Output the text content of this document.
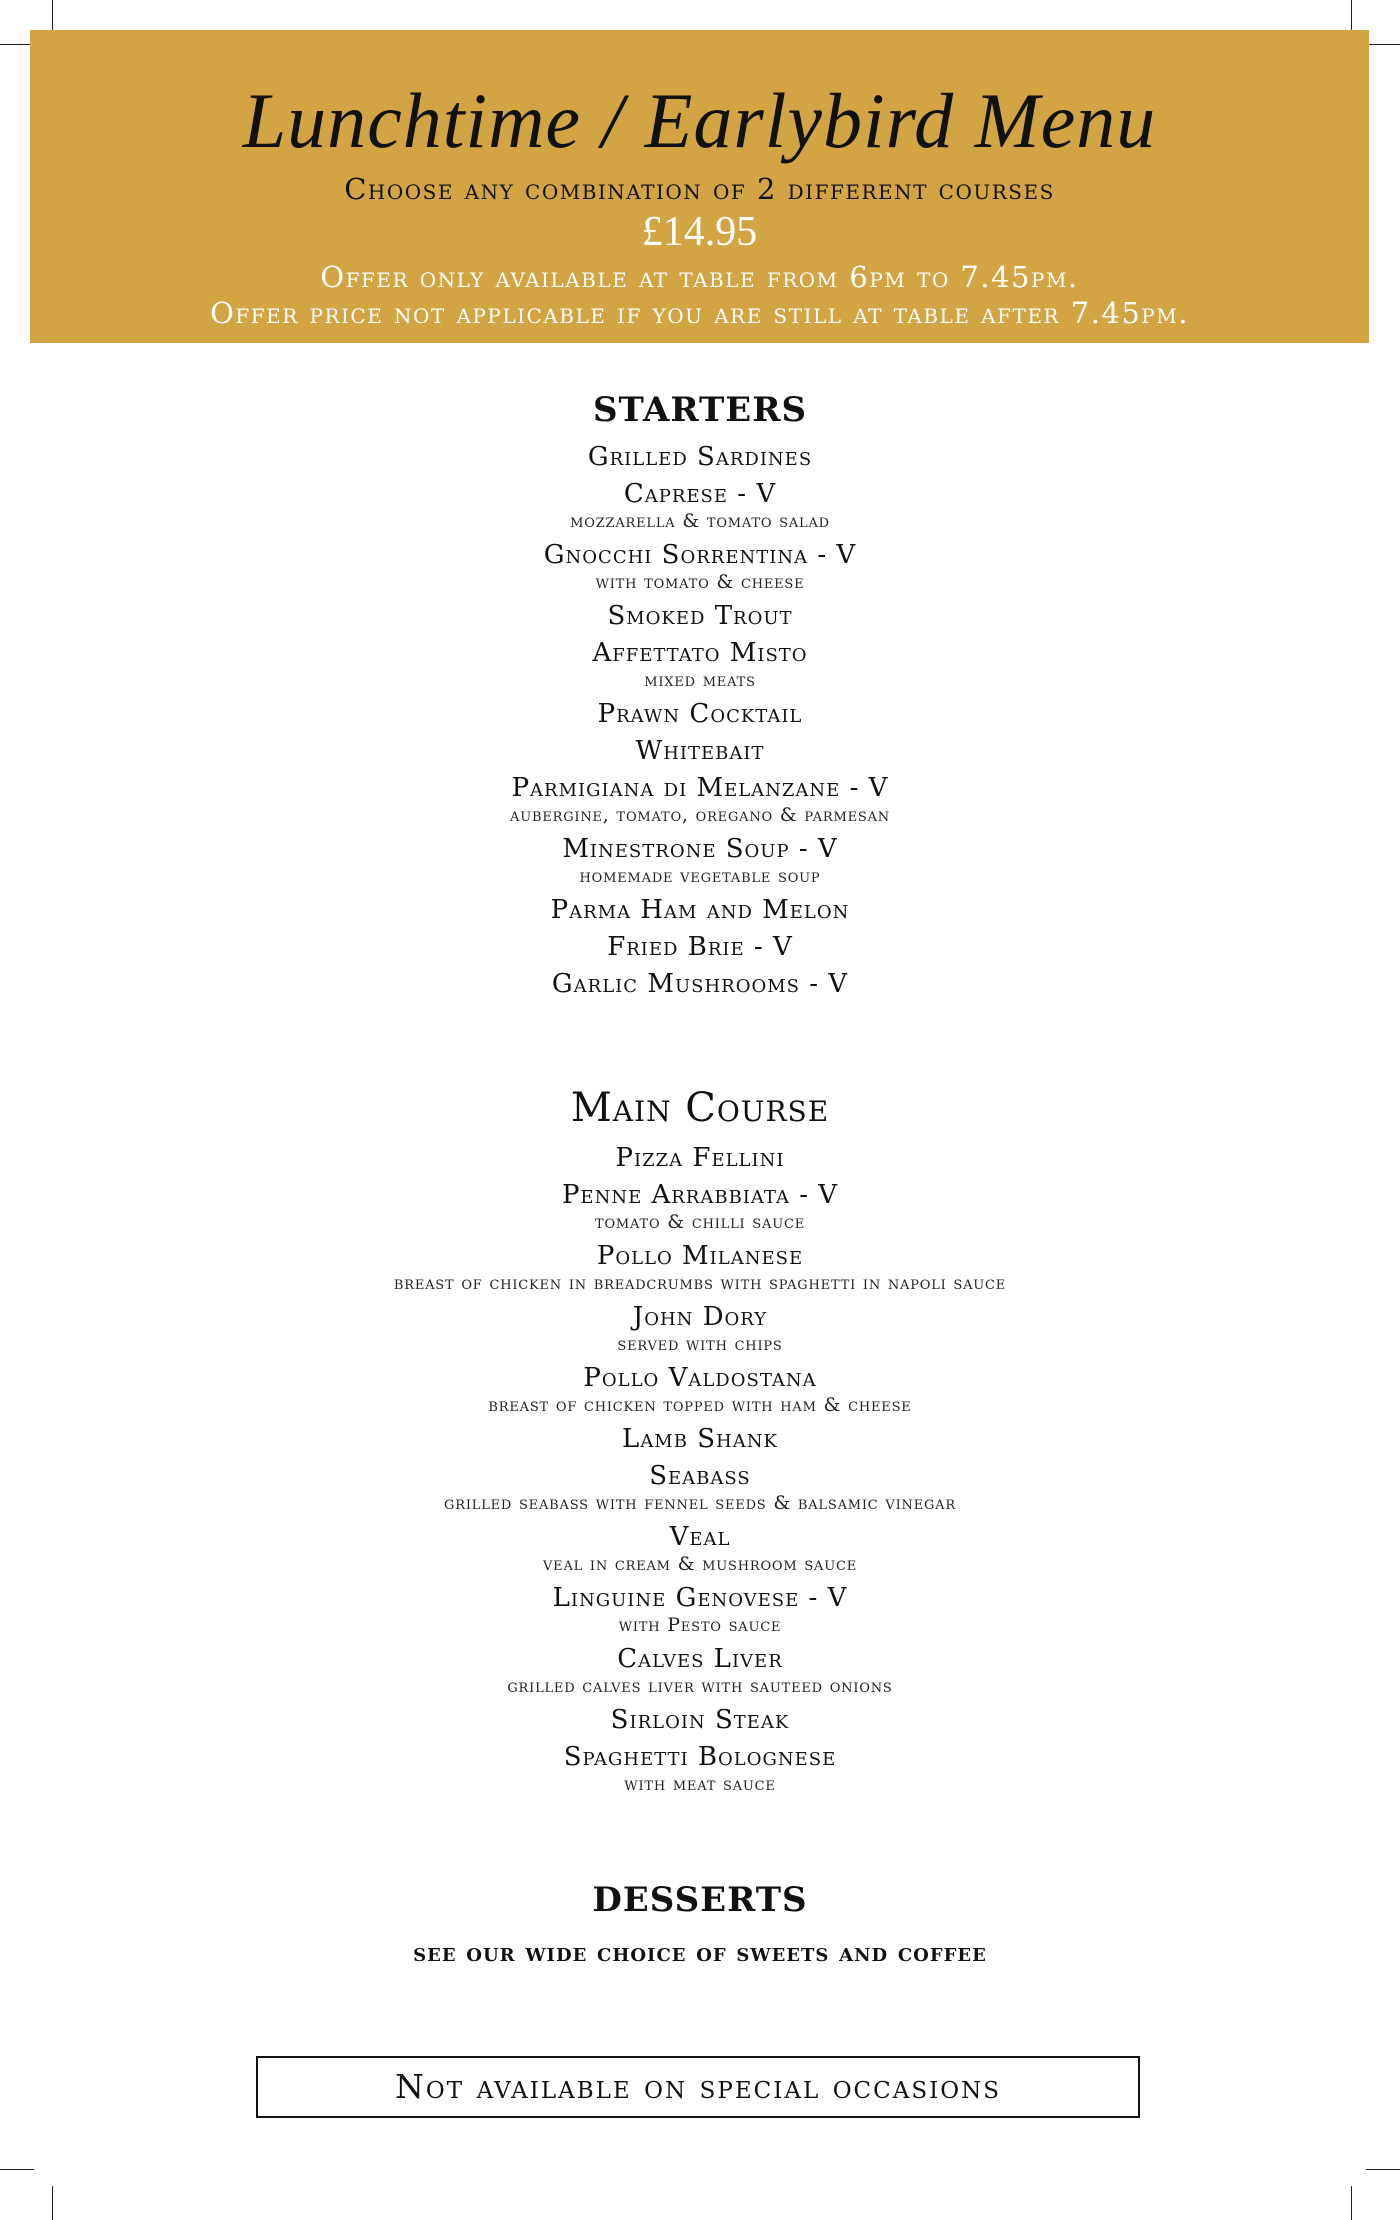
Lunchtime / Earlybird Menu
Choose any combination of 2 different courses
£14.95
Offer only available at table from 6pm to 7.45pm.
Offer price not applicable if you are still at table after 7.45pm.
STARTERS
Grilled Sardines
Caprese - V
mozzarella & tomato salad
Gnocchi Sorrentina - V
with tomato & cheese
Smoked Trout
Affettato Misto
mixed meats
Prawn Cocktail
Whitebait
Parmigiana di Melanzane - V
aubergine, tomato, oregano & parmesan
Minestrone Soup - V
homemade vegetable soup
Parma Ham and Melon
Fried Brie - V
Garlic Mushrooms - V
Main Course
Pizza Fellini
Penne Arrabbiata - V
tomato & chilli sauce
Pollo Milanese
breast of chicken in breadcrumbs with spaghetti in napoli sauce
John Dory
served with chips
Pollo Valdostana
breast of chicken topped with ham & cheese
Lamb Shank
Seabass
grilled seabass with fennel seeds & balsamic vinegar
Veal
veal in cream & mushroom sauce
Linguine Genovese - V
with Pesto sauce
Calves Liver
grilled calves liver with sauteed onions
Sirloin Steak
Spaghetti Bolognese
with meat sauce
DESSERTS
see our wide choice of sweets and coffee
Not available on special occasions
